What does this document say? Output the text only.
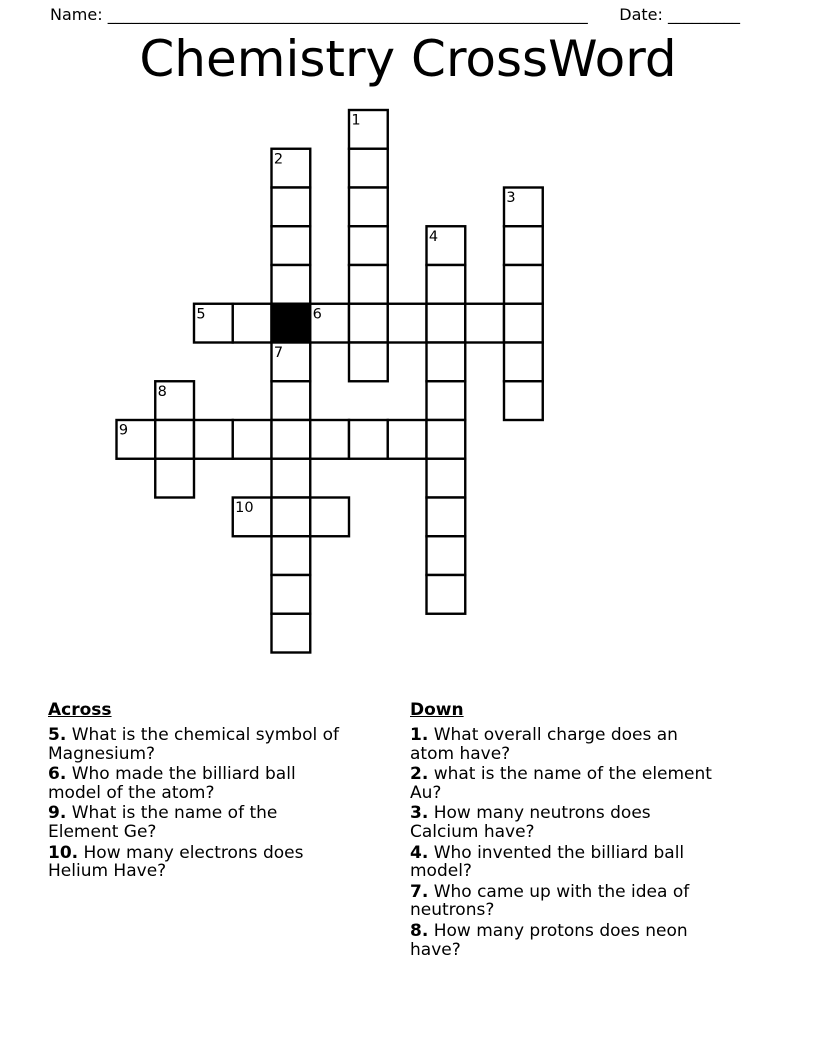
Name: ____________________________________________________________ Date: _________
Chemistry CrossWord
1
2
3
4
5	6
7
8
9
10
Across
5. What is the chemical symbol of Magnesium?
6. Who made the billiard ball model of the atom?
9. What is the name of the Element Ge?
10. How many electrons does Helium Have?
Down
1. What overall charge does an atom have?
2. what is the name of the element Au?
3. How many neutrons does Calcium have?
4. Who invented the billiard ball model?
7. Who came up with the idea of neutrons?
8. How many protons does neon have?
